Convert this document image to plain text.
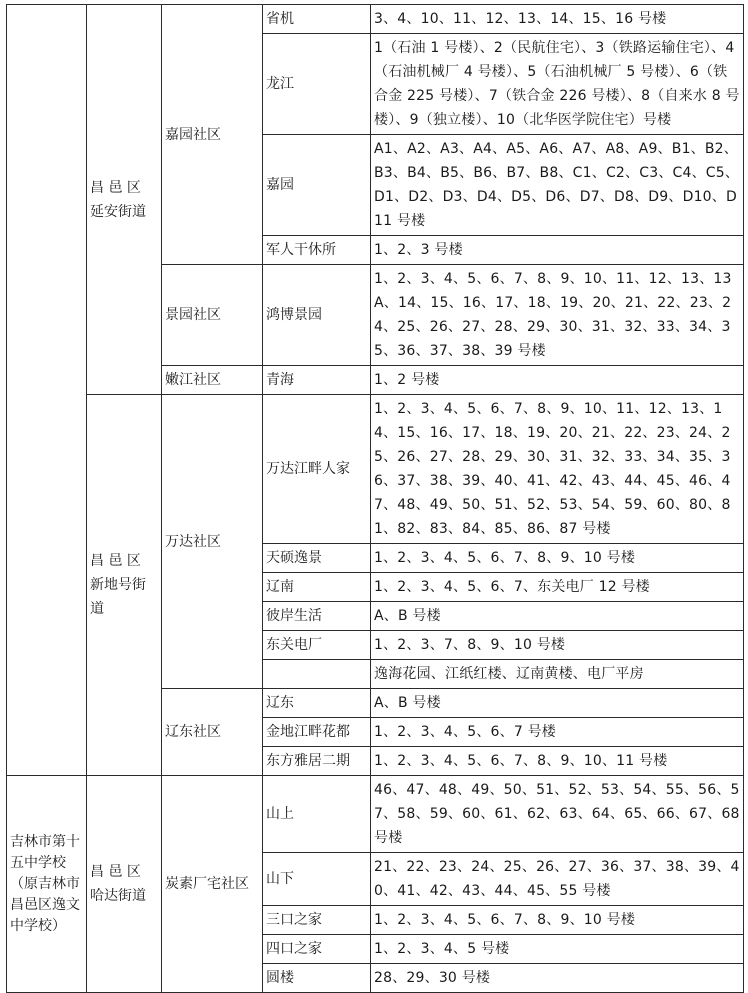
	昌 邑 区 延安街道	嘉园社区	省机	3、4、10、11、12、13、14、15、16 号楼
			龙江	1（石油 1 号楼）、2（民航住宅）、3（铁路运输住宅）、4（石油机械厂 4 号楼）、5（石油机械厂 5 号楼）、6（铁合金 225 号楼）、7（铁合金 226 号楼）、8（自来水 8 号楼）、9（独立楼）、10（北华医学院住宅）号楼
			嘉园	A1、A2、A3、A4、A5、A6、A7、A8、A9、B1、B2、B3、B4、B5、B6、B7、B8、C1、C2、C3、C4、C5、D1、D2、D3、D4、D5、D6、D7、D8、D9、D10、D11 号楼
			军人干休所	1、2、3 号楼
		景园社区	鸿博景园	1、2、3、4、5、6、7、8、9、10、11、12、13、13A、14、15、16、17、18、19、20、21、22、23、24、25、26、27、28、29、30、31、32、33、34、35、36、37、38、39 号楼
		嫩江社区	青海	1、2 号楼
	昌 邑 区 新地号街道	万达社区	万达江畔人家	1、2、3、4、5、6、7、8、9、10、11、12、13、14、15、16、17、18、19、20、21、22、23、24、25、26、27、28、29、30、31、32、33、34、35、36、37、38、39、40、41、42、43、44、45、46、47、48、49、50、51、52、53、54、59、60、80、81、82、83、84、85、86、87 号楼
			天硕逸景	1、2、3、4、5、6、7、8、9、10 号楼
			辽南	1、2、3、4、5、6、7、东关电厂 12 号楼
			彼岸生活	A、B 号楼
			东关电厂	1、2、3、7、8、9、10 号楼
				逸海花园、江纸红楼、辽南黄楼、电厂平房
		辽东社区	辽东	A、B 号楼
			金地江畔花都	1、2、3、4、5、6、7 号楼
			东方雅居二期	1、2、3、4、5、6、7、8、9、10、11 号楼
吉林市第十五中学校（原吉林市昌邑区逸文中学校）	昌 邑 区 哈达街道	炭素厂宅社区	山上	46、47、48、49、50、51、52、53、54、55、56、57、58、59、60、61、62、63、64、65、66、67、68 号楼
			山下	21、22、23、24、25、26、27、36、37、38、39、40、41、42、43、44、45、55 号楼
			三口之家	1、2、3、4、5、6、7、8、9、10 号楼
			四口之家	1、2、3、4、5 号楼
			圆楼	28、29、30 号楼
